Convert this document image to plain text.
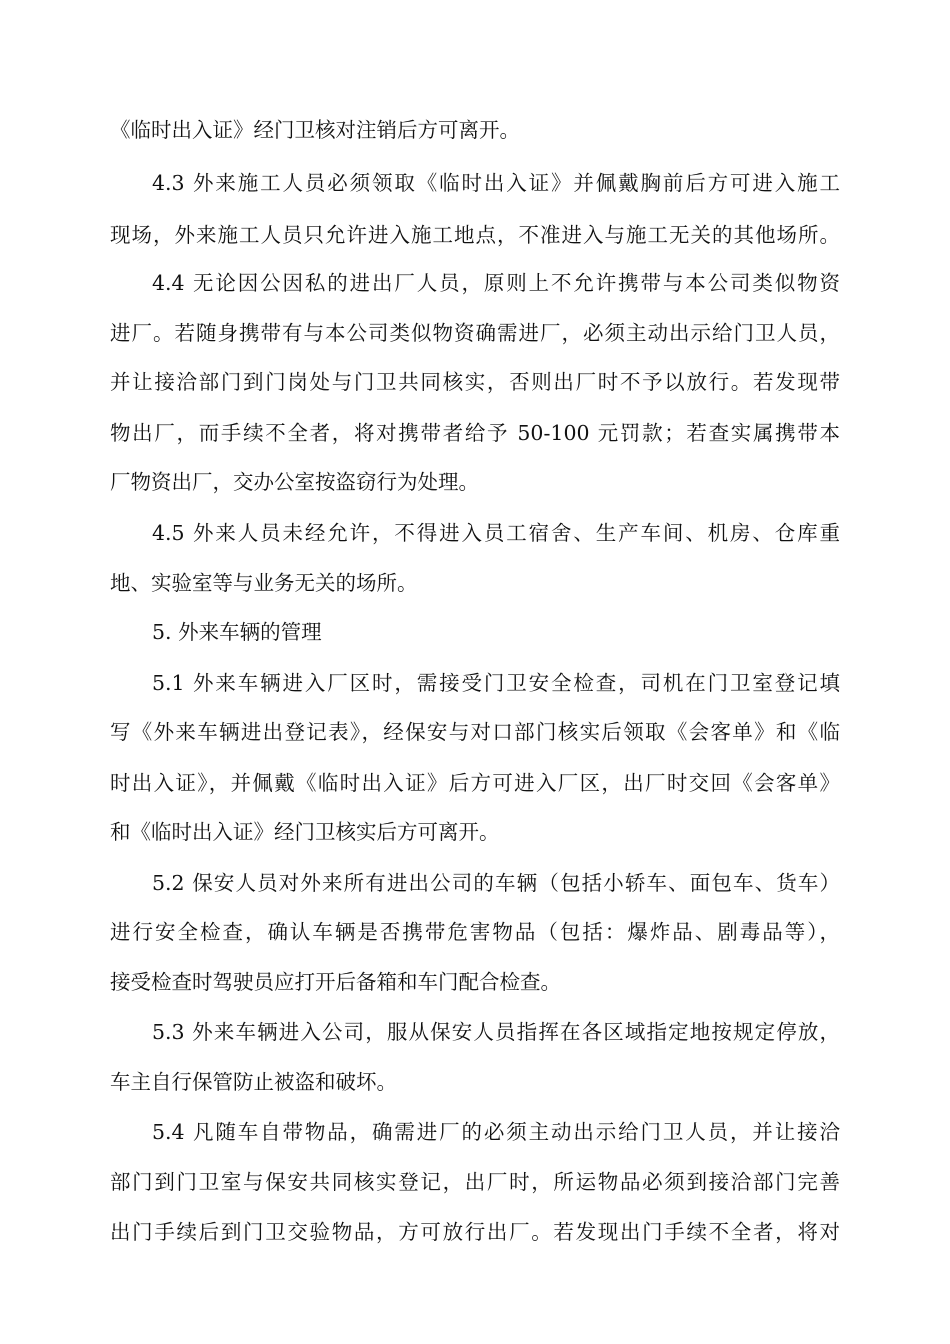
《临时出入证》经门卫核对注销后方可离开。
4.3 外来施工人员必须领取《临时出入证》并佩戴胸前后方可进入施工
现场，外来施工人员只允许进入施工地点，不准进入与施工无关的其他场所。
4.4 无论因公因私的进出厂人员，原则上不允许携带与本公司类似物资
进厂。若随身携带有与本公司类似物资确需进厂，必须主动出示给门卫人员，
并让接洽部门到门岗处与门卫共同核实，否则出厂时不予以放行。若发现带
物出厂，而手续不全者，将对携带者给予 50-100 元罚款；若查实属携带本
厂物资出厂，交办公室按盗窃行为处理。
4.5 外来人员未经允许，不得进入员工宿舍、生产车间、机房、仓库重
地、实验室等与业务无关的场所。
5. 外来车辆的管理
5.1 外来车辆进入厂区时，需接受门卫安全检查，司机在门卫室登记填
写《外来车辆进出登记表》，经保安与对口部门核实后领取《会客单》和《临
时出入证》，并佩戴《临时出入证》后方可进入厂区，出厂时交回《会客单》
和《临时出入证》经门卫核实后方可离开。
5.2 保安人员对外来所有进出公司的车辆（包括小轿车、面包车、货车）
进行安全检查，确认车辆是否携带危害物品（包括：爆炸品、剧毒品等），
接受检查时驾驶员应打开后备箱和车门配合检查。
5.3 外来车辆进入公司，服从保安人员指挥在各区域指定地按规定停放，
车主自行保管防止被盗和破坏。
5.4 凡随车自带物品，确需进厂的必须主动出示给门卫人员，并让接洽
部门到门卫室与保安共同核实登记，出厂时，所运物品必须到接洽部门完善
出门手续后到门卫交验物品，方可放行出厂。若发现出门手续不全者，将对
